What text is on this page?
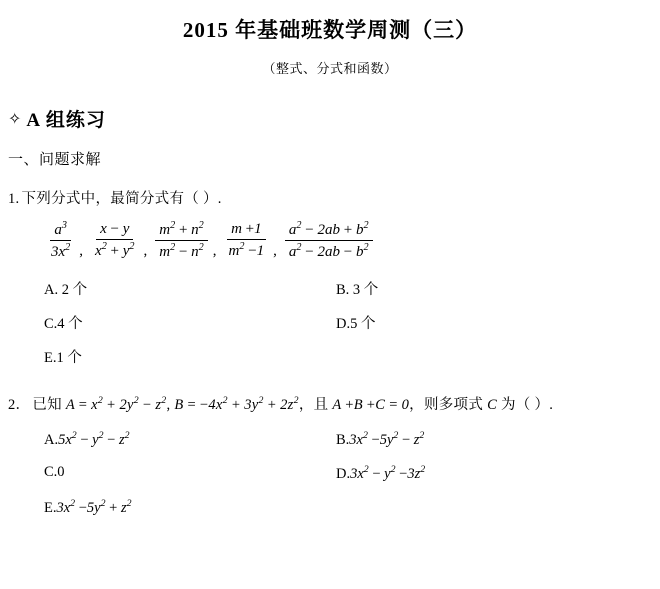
2015 年基础班数学周测（三）
（整式、分式和函数）
✧ A 组练习
一、问题求解
1. 下列分式中，最简分式有（ ）.
$\frac{a^3}{3x^2}$ , $\frac{x - y}{x^2 + y^2}$ , $\frac{m^2 + n^2}{m^2 - n^2}$ , $\frac{m +1}{m^2 -1}$ , $\frac{a^2 - 2ab + b^2}{a^2 - 2ab - b^2}$
A. 2 个	B. 3 个
C.4 个	D.5 个
E.1 个
2． 已知 $A = x^2 + 2y^2 - z^2$, $B = -4x^2 + 3y^2 + 2z^2$，且 A +B +C = 0，则多项式 C 为（ ）.
$A.5x^2 - y^2 - z^2$	$B.3x^2 -5y^2 - z^2$
C.0	$D.3x^2 - y^2 -3z^2$
$E.3x^2 -5y^2 + z^2$
